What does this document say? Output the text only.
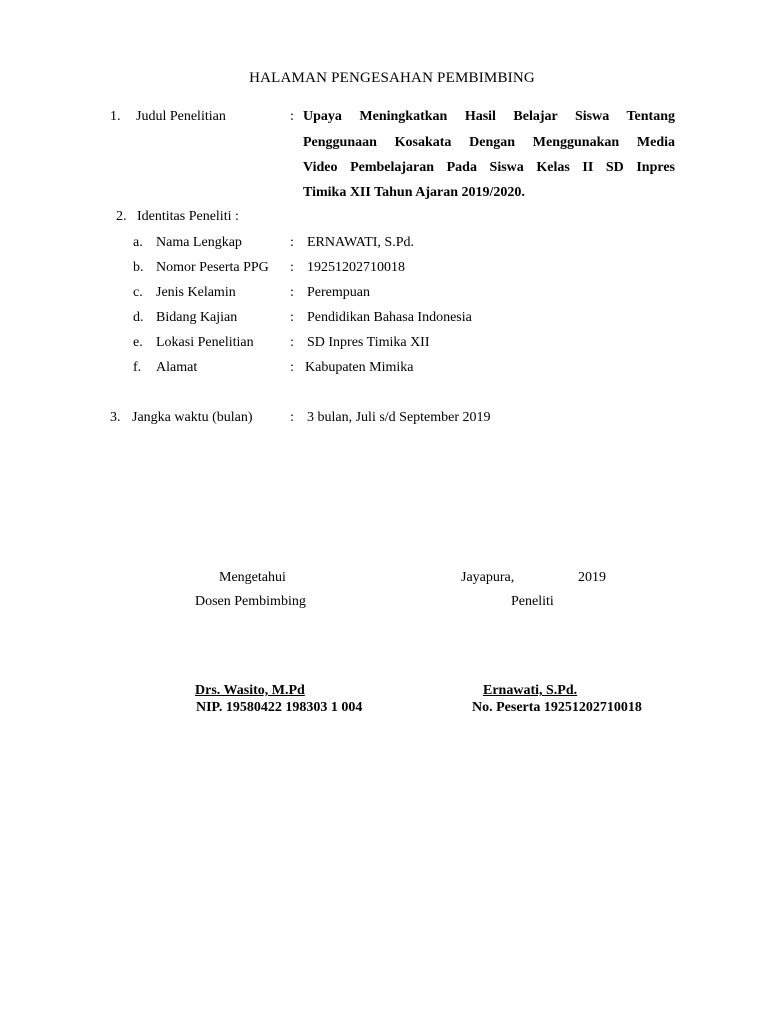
HALAMAN PENGESAHAN PEMBIMBING
1. Judul Penelitian	: Upaya Meningkatkan Hasil Belajar Siswa Tentang
Penggunaan Kosakata Dengan Menggunakan Media
Video Pembelajaran Pada Siswa Kelas II SD Inpres
Timika XII Tahun Ajaran 2019/2020.
2. Identitas Peneliti :
a. Nama Lengkap	: ERNAWATI, S.Pd.
b. Nomor Peserta PPG : 19251202710018
c. Jenis Kelamin	: Perempuan
d. Bidang Kajian	: Pendidikan Bahasa Indonesia
e. Lokasi Penelitian	: SD Inpres Timika XII
f. Alamat	: Kabupaten Mimika
3. Jangka waktu (bulan)	: 3 bulan, Juli s/d September 2019
Mengetahui
Dosen Pembimbing
Drs. Wasito, M.Pd
NIP. 19580422 198303 1 004
Jayapura,	2019
Peneliti
Ernawati, S.Pd.
No. Peserta 19251202710018
